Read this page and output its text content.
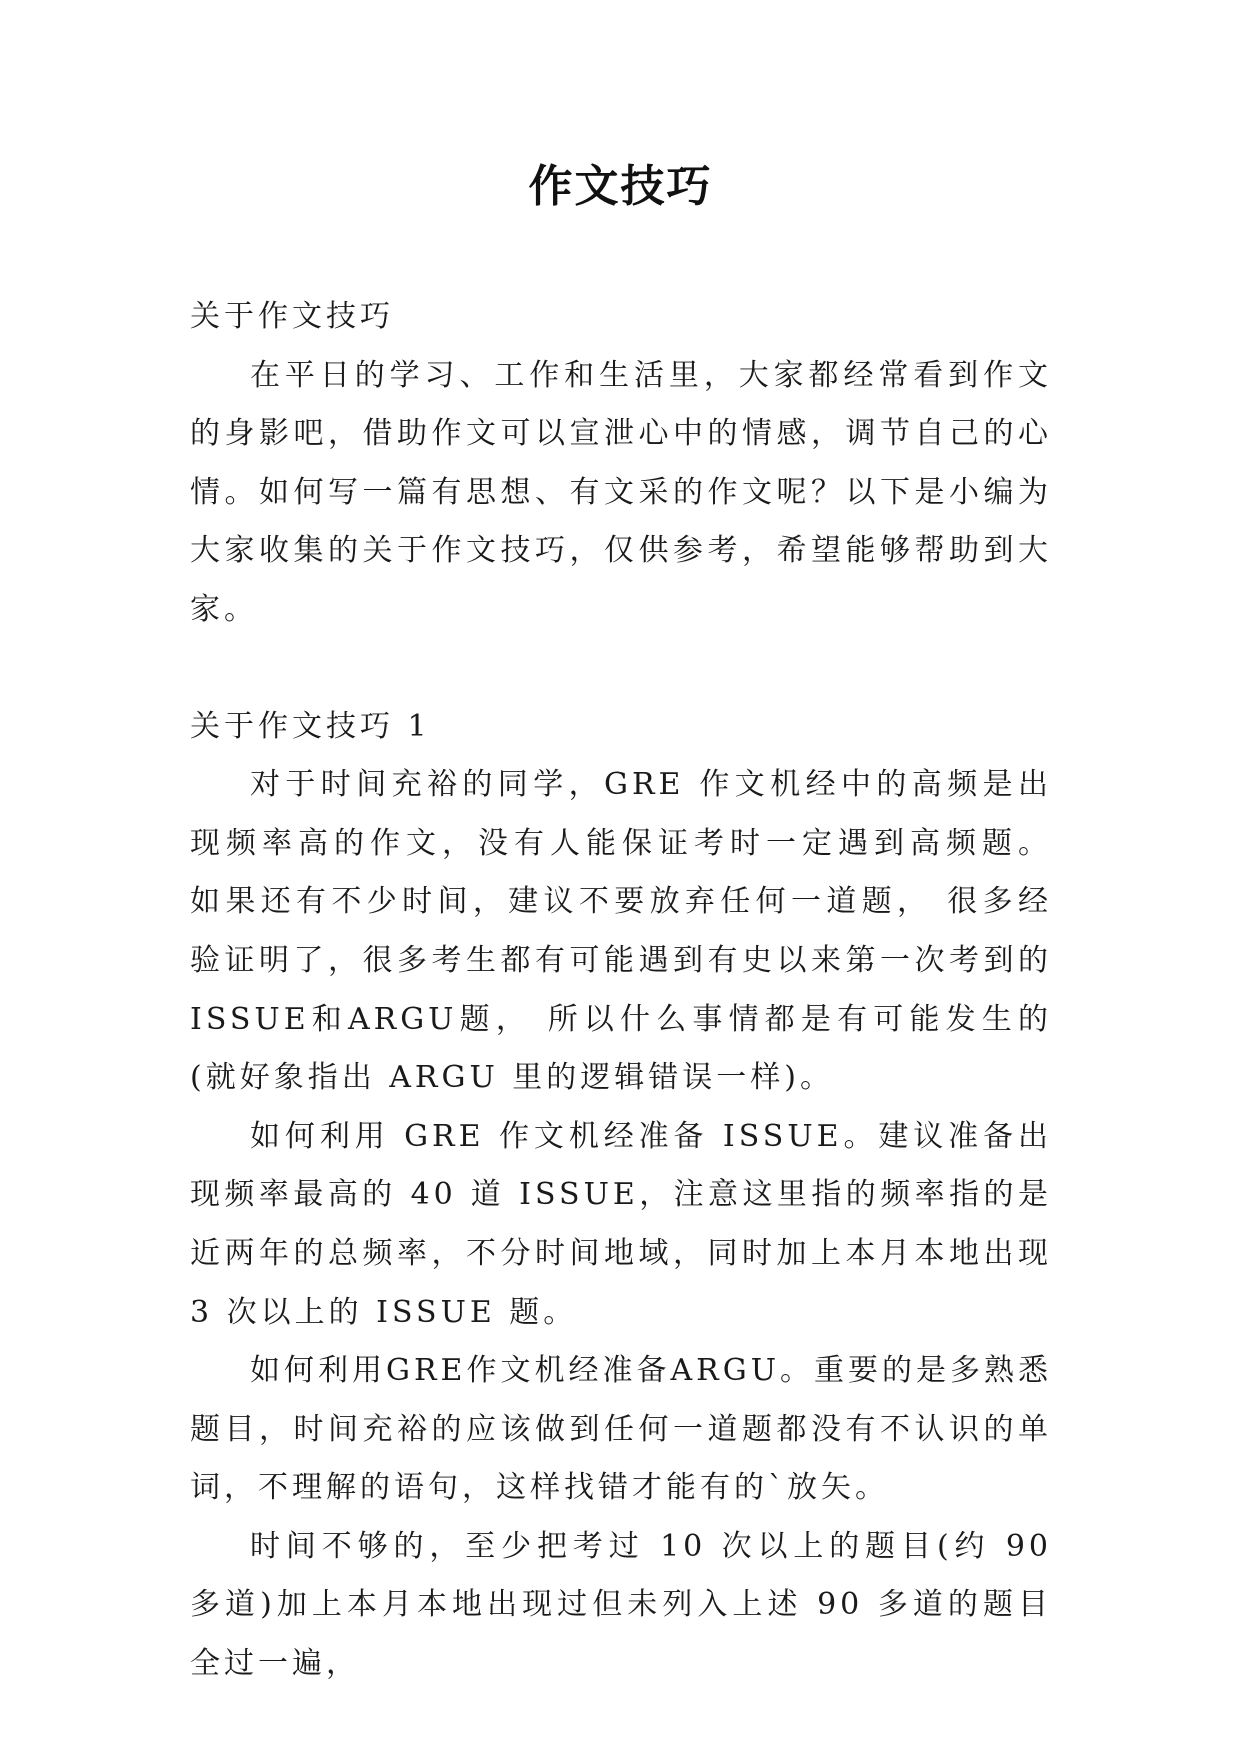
作文技巧

关于作文技巧

在平日的学习、工作和生活里，大家都经常看到作文的身影吧，借助作文可以宣泄心中的情感，调节自己的心情。如何写一篇有思想、有文采的作文呢？以下是小编为大家收集的关于作文技巧，仅供参考，希望能够帮助到大家。

关于作文技巧 1

对于时间充裕的同学，GRE 作文机经中的高频是出现频率高的作文，没有人能保证考时一定遇到高频题。 如果还有不少时间，建议不要放弃任何一道题， 很多经验证明了，很多考生都有可能遇到有史以来第一次考到的ISSUE和ARGU题， 所以什么事情都是有可能发生的(就好象指出 ARGU 里的逻辑错误一样)。

如何利用 GRE 作文机经准备 ISSUE。建议准备出现频率最高的 40 道 ISSUE，注意这里指的频率指的是近两年的总频率，不分时间地域，同时加上本月本地出现 3 次以上的 ISSUE 题。

如何利用GRE作文机经准备ARGU。重要的是多熟悉题目，时间充裕的应该做到任何一道题都没有不认识的单词，不理解的语句，这样找错才能有的`放矢。

时间不够的，至少把考过 10 次以上的题目(约 90 多道)加上本月本地出现过但未列入上述 90 多道的题目全过一遍，
